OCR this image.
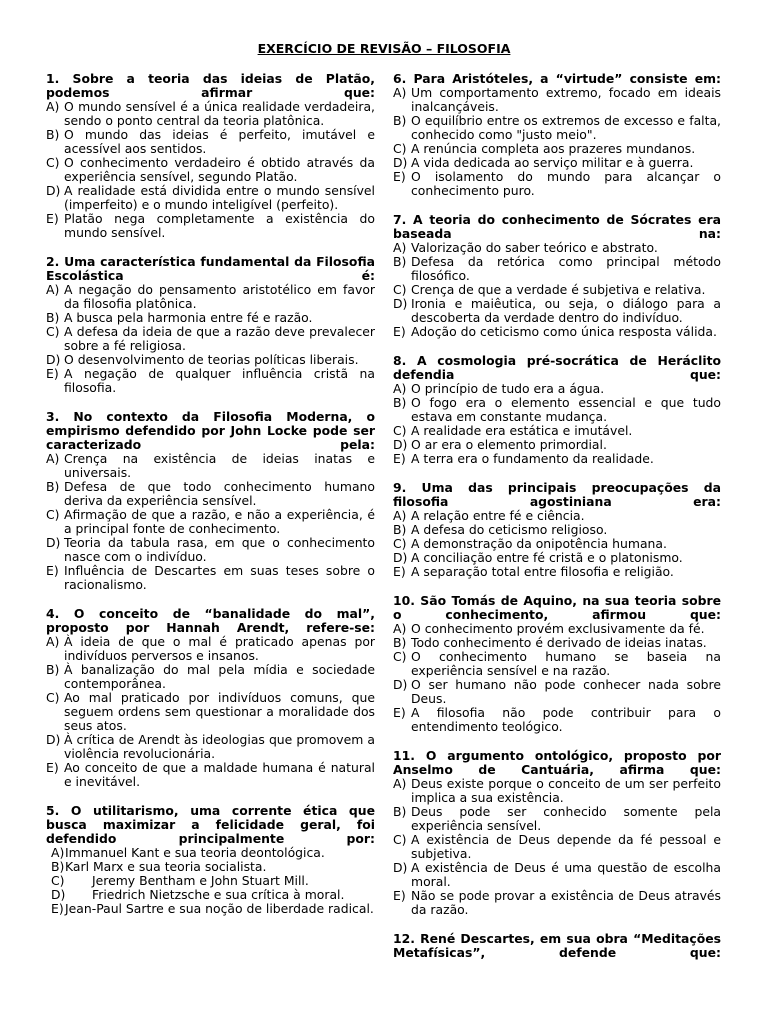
EXERCÍCIO DE REVISÃO – FILOSOFIA
1. Sobre a teoria das ideias de Platão, podemos afirmar que:
A) O mundo sensível é a única realidade verdadeira, sendo o ponto central da teoria platônica.
B) O mundo das ideias é perfeito, imutável e acessível aos sentidos.
C) O conhecimento verdadeiro é obtido através da experiência sensível, segundo Platão.
D) A realidade está dividida entre o mundo sensível (imperfeito) e o mundo inteligível (perfeito).
E) Platão nega completamente a existência do mundo sensível.
2. Uma característica fundamental da Filosofia Escolástica é:
A) A negação do pensamento aristotélico em favor da filosofia platônica.
B) A busca pela harmonia entre fé e razão.
C) A defesa da ideia de que a razão deve prevalecer sobre a fé religiosa.
D) O desenvolvimento de teorias políticas liberais.
E) A negação de qualquer influência cristã na filosofia.
3. No contexto da Filosofia Moderna, o empirismo defendido por John Locke pode ser caracterizado pela:
A) Crença na existência de ideias inatas e universais.
B) Defesa de que todo conhecimento humano deriva da experiência sensível.
C) Afirmação de que a razão, e não a experiência, é a principal fonte de conhecimento.
D) Teoria da tabula rasa, em que o conhecimento nasce com o indivíduo.
E) Influência de Descartes em suas teses sobre o racionalismo.
4. O conceito de “banalidade do mal”, proposto por Hannah Arendt, refere-se:
A) À ideia de que o mal é praticado apenas por indivíduos perversos e insanos.
B) À banalização do mal pela mídia e sociedade contemporânea.
C) Ao mal praticado por indivíduos comuns, que seguem ordens sem questionar a moralidade dos seus atos.
D) À crítica de Arendt às ideologias que promovem a violência revolucionária.
E) Ao conceito de que a maldade humana é natural e inevitável.
5. O utilitarismo, uma corrente ética que busca maximizar a felicidade geral, foi defendido principalmente por:
A) Immanuel Kant e sua teoria deontológica.
B) Karl Marx e sua teoria socialista.
C)	Jeremy Bentham e John Stuart Mill.
D)	Friedrich Nietzsche e sua crítica à moral.
E) Jean-Paul Sartre e sua noção de liberdade radical.
6. Para Aristóteles, a “virtude” consiste em:
A) Um comportamento extremo, focado em ideais inalcançáveis.
B) O equilíbrio entre os extremos de excesso e falta, conhecido como "justo meio".
C) A renúncia completa aos prazeres mundanos.
D) A vida dedicada ao serviço militar e à guerra.
E) O isolamento do mundo para alcançar o conhecimento puro.
7. A teoria do conhecimento de Sócrates era baseada na:
A) Valorização do saber teórico e abstrato.
B) Defesa da retórica como principal método filosófico.
C) Crença de que a verdade é subjetiva e relativa.
D) Ironia e maiêutica, ou seja, o diálogo para a descoberta da verdade dentro do indivíduo.
E) Adoção do ceticismo como única resposta válida.
8. A cosmologia pré-socrática de Heráclito defendia que:
A) O princípio de tudo era a água.
B) O fogo era o elemento essencial e que tudo estava em constante mudança.
C) A realidade era estática e imutável.
D) O ar era o elemento primordial.
E) A terra era o fundamento da realidade.
9. Uma das principais preocupações da filosofia agostiniana era:
A) A relação entre fé e ciência.
B) A defesa do ceticismo religioso.
C) A demonstração da onipotência humana.
D) A conciliação entre fé cristã e o platonismo.
E) A separação total entre filosofia e religião.
10. São Tomás de Aquino, na sua teoria sobre o conhecimento, afirmou que:
A) O conhecimento provém exclusivamente da fé.
B) Todo conhecimento é derivado de ideias inatas.
C) O conhecimento humano se baseia na experiência sensível e na razão.
D) O ser humano não pode conhecer nada sobre Deus.
E) A filosofia não pode contribuir para o entendimento teológico.
11. O argumento ontológico, proposto por Anselmo de Cantuária, afirma que:
A) Deus existe porque o conceito de um ser perfeito implica a sua existência.
B) Deus pode ser conhecido somente pela experiência sensível.
C) A existência de Deus depende da fé pessoal e subjetiva.
D) A existência de Deus é uma questão de escolha moral.
E) Não se pode provar a existência de Deus através da razão.
12. René Descartes, em sua obra “Meditações Metafísicas”, defende que:
